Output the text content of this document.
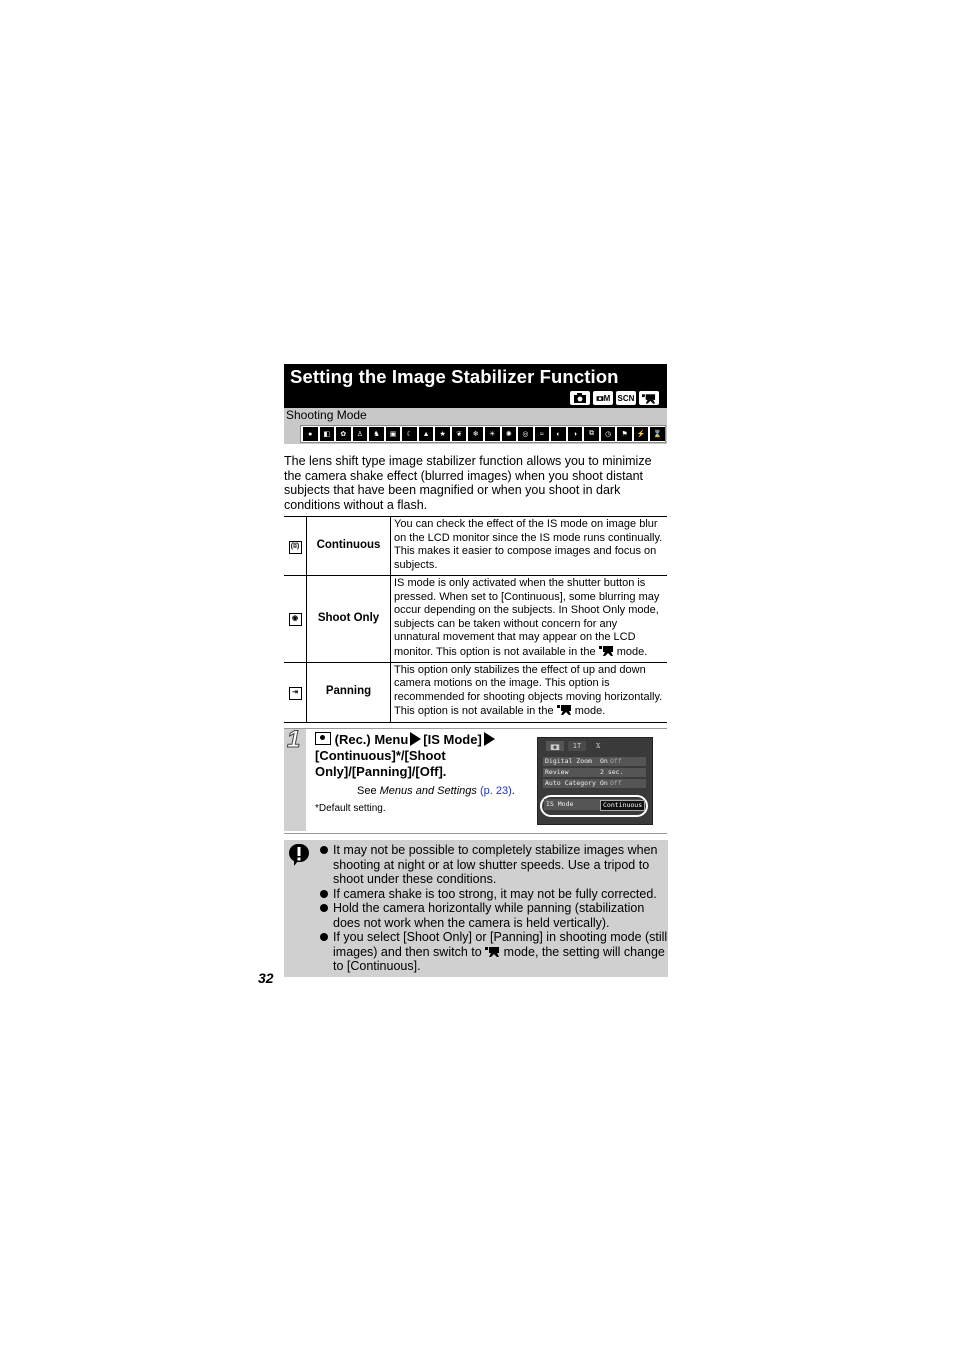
M SCN
Setting the Image Stabilizer Function
Shooting Mode
●	◧	✿	♙	♞	▣	☾	▲	★	❦	❄	☀	✺	◎	≈	◐	◑	⧉	◷	⚑	⚡	⌛
The lens shift type image stabilizer function allows you to minimize the camera shake effect (blurred images) when you shoot distant subjects that have been magnified or when you shoot in dark conditions without a flash.
(ʬ)	Continuous	You can check the effect of the IS mode on image blur on the LCD monitor since the IS mode runs continually. This makes it easier to compose images and focus on subjects.
◉	Shoot Only	IS mode is only activated when the shutter button is pressed. When set to [Continuous], some blurring may occur depending on the subjects. In Shoot Only mode, subjects can be taken without concern for any unnatural movement that may appear on the LCD monitor. This option is not available in the mode.
⇥	Panning	This option only stabilizes the effect of up and down camera motions on the image. This option is recommended for shooting objects moving horizontally. This option is not available in the mode.
1	(Rec.) Menu [IS Mode][Continuous]*/[Shoot Only]/[Panning]/[Off].
See Menus and Settings (p. 23).
*Default setting.
1T	Ϫ
Digital Zoom On Off
Review	2 sec.
Auto Category On Off
IS Mode	Continuous
It may not be possible to completely stabilize images when shooting at night or at low shutter speeds. Use a tripod to shoot under these conditions.
If camera shake is too strong, it may not be fully corrected.
Hold the camera horizontally while panning (stabilization does not work when the camera is held vertically).
If you select [Shoot Only] or [Panning] in shooting mode (still images) and then switch to mode, the setting will change to [Continuous].
32
